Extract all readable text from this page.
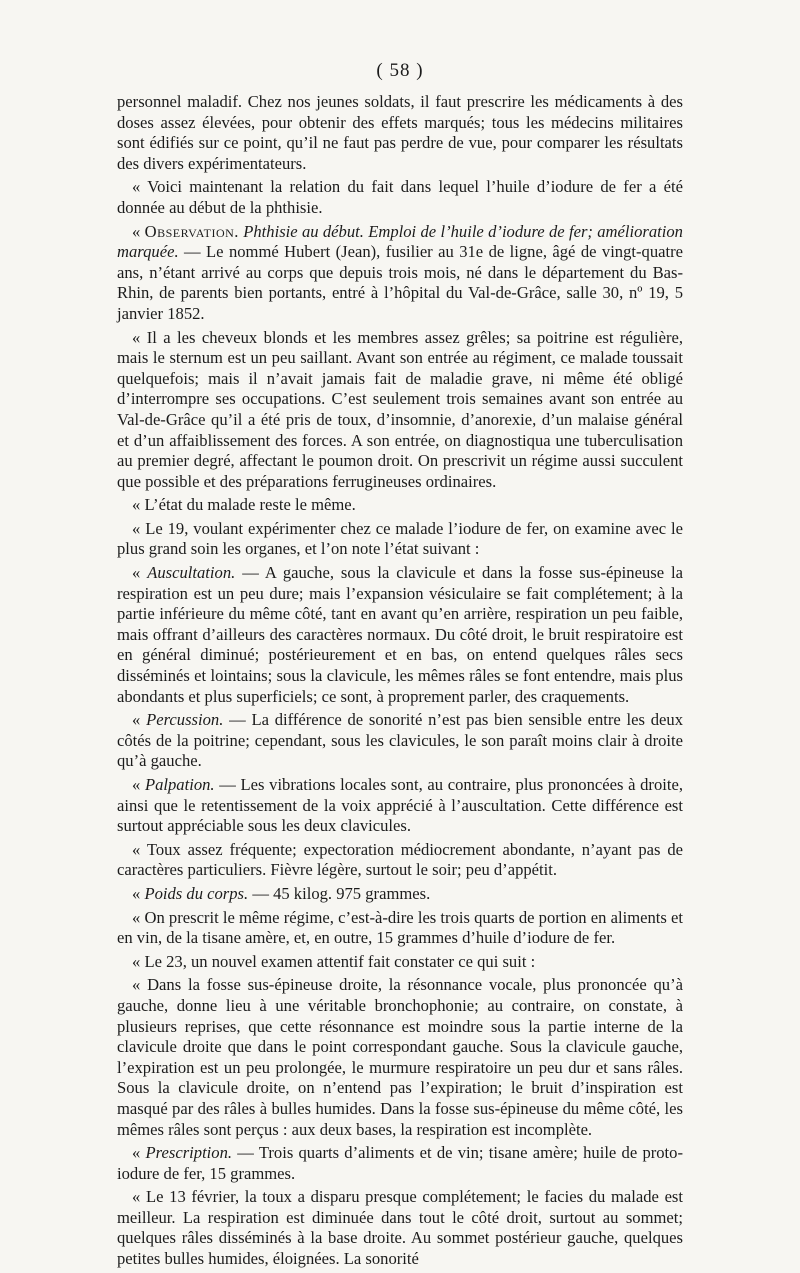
( 58 )

personnel maladif. Chez nos jeunes soldats, il faut prescrire les médicaments à des doses assez élevées, pour obtenir des effets marqués; tous les médecins militaires sont édifiés sur ce point, qu’il ne faut pas perdre de vue, pour comparer les résultats des divers expérimentateurs.

« Voici maintenant la relation du fait dans lequel l’huile d’iodure de fer a été donnée au début de la phthisie.

« Observation. Phthisie au début. Emploi de l’huile d’iodure de fer; amélioration marquée. — Le nommé Hubert (Jean), fusilier au 31e de ligne, âgé de vingt-quatre ans, n’étant arrivé au corps que depuis trois mois, né dans le département du Bas-Rhin, de parents bien portants, entré à l’hôpital du Val-de-Grâce, salle 30, nº 19, 5 janvier 1852.

« Il a les cheveux blonds et les membres assez grêles; sa poitrine est régulière, mais le sternum est un peu saillant. Avant son entrée au régiment, ce malade toussait quelquefois; mais il n’avait jamais fait de maladie grave, ni même été obligé d’interrompre ses occupations. C’est seulement trois semaines avant son entrée au Val-de-Grâce qu’il a été pris de toux, d’insomnie, d’anorexie, d’un malaise général et d’un affaiblissement des forces. A son entrée, on diagnostiqua une tuberculisation au premier degré, affectant le poumon droit. On prescrivit un régime aussi succulent que possible et des préparations ferrugineuses ordinaires.

« L’état du malade reste le même.

« Le 19, voulant expérimenter chez ce malade l’iodure de fer, on examine avec le plus grand soin les organes, et l’on note l’état suivant :

« Auscultation. — A gauche, sous la clavicule et dans la fosse sus-épineuse la respiration est un peu dure; mais l’expansion vésiculaire se fait complétement; à la partie inférieure du même côté, tant en avant qu’en arrière, respiration un peu faible, mais offrant d’ailleurs des caractères normaux. Du côté droit, le bruit respiratoire est en général diminué; postérieurement et en bas, on entend quelques râles secs disséminés et lointains; sous la clavicule, les mêmes râles se font entendre, mais plus abondants et plus superficiels; ce sont, à proprement parler, des craquements.

« Percussion. — La différence de sonorité n’est pas bien sensible entre les deux côtés de la poitrine; cependant, sous les clavicules, le son paraît moins clair à droite qu’à gauche.

« Palpation. — Les vibrations locales sont, au contraire, plus prononcées à droite, ainsi que le retentissement de la voix apprécié à l’auscultation. Cette différence est surtout appréciable sous les deux clavicules.

« Toux assez fréquente; expectoration médiocrement abondante, n’ayant pas de caractères particuliers. Fièvre légère, surtout le soir; peu d’appétit.

« Poids du corps. — 45 kilog. 975 grammes.

« On prescrit le même régime, c’est-à-dire les trois quarts de portion en aliments et en vin, de la tisane amère, et, en outre, 15 grammes d’huile d’iodure de fer.

« Le 23, un nouvel examen attentif fait constater ce qui suit :

« Dans la fosse sus-épineuse droite, la résonnance vocale, plus prononcée qu’à gauche, donne lieu à une véritable bronchophonie; au contraire, on constate, à plusieurs reprises, que cette résonnance est moindre sous la partie interne de la clavicule droite que dans le point correspondant gauche. Sous la clavicule gauche, l’expiration est un peu prolongée, le murmure respiratoire un peu dur et sans râles. Sous la clavicule droite, on n’entend pas l’expiration; le bruit d’inspiration est masqué par des râles à bulles humides. Dans la fosse sus-épineuse du même côté, les mêmes râles sont perçus : aux deux bases, la respiration est incomplète.

« Prescription. — Trois quarts d’aliments et de vin; tisane amère; huile de proto-iodure de fer, 15 grammes.

« Le 13 février, la toux a disparu presque complétement; le facies du malade est meilleur. La respiration est diminuée dans tout le côté droit, surtout au sommet; quelques râles disséminés à la base droite. Au sommet postérieur gauche, quelques petites bulles humides, éloignées. La sonorité
